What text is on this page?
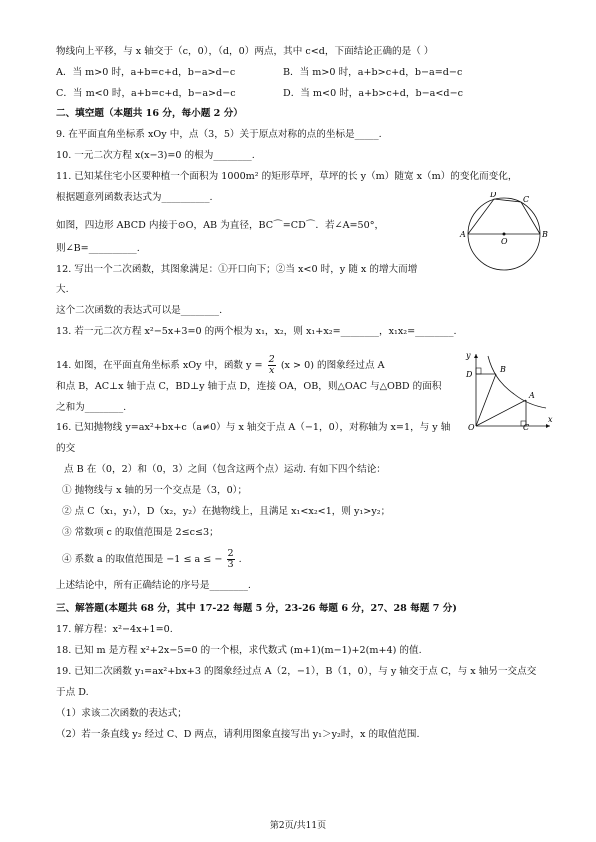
物线向上平移，与 x 轴交于（c，0），（d，0）两点，其中 c<d，下面结论正确的是（ ）
A．当 m>0 时，a+b=c+d，b−a>d−c	B．当 m>0 时，a+b>c+d，b−a=d−c
C．当 m<0 时，a+b=c+d，b−a>d−c	D．当 m<0 时，a+b>c+d，b−a<d−c
二、填空题（本题共 16 分，每小题 2 分）
9. 在平面直角坐标系 xOy 中，点（3，5）关于原点对称的点的坐标是_____.
10. 一元二次方程 x(x−3)=0 的根为________.
11. 已知某住宅小区要种植一个面积为 1000m² 的矩形草坪，草坪的长 y（m）随宽 x（m）的变化而变化，
根据题意列函数表达式为__________.
如图，四边形 ABCD 内接于⊙O，AB 为直径，BC⌒=CD⌒．若∠A=50°，
则∠B=__________.
A	B
D
C
O
12. 写出一个二次函数，其图象满足：①开口向下；②当 x<0 时，y 随 x 的增大而增
大.
这个二次函数的表达式可以是________.
13. 若一元二次方程 x²−5x+3=0 的两个根为 x₁，x₂，则 x₁+x₂=________，x₁x₂=________.
14. 如图，在平面直角坐标系 xOy 中，函数 $y = \frac{2}{x} (x > 0)$ 的图象经过点 A
和点 B，AC⊥x 轴于点 C，BD⊥y 轴于点 D，连接 OA，OB，则△OAC 与△OBD 的面积
之和为________.
y
x
O
B
D
A
C
16. 已知抛物线 y=ax²+bx+c（a≠0）与 x 轴交于点 A（−1，0），对称轴为 x=1，与 y 轴
的交
点 B 在（0，2）和（0，3）之间（包含这两个点）运动. 有如下四个结论：
① 抛物线与 x 轴的另一个交点是（3，0）；
② 点 C（x₁，y₁），D（x₂，y₂）在抛物线上，且满足 x₁<x₂<1，则 y₁>y₂；
③ 常数项 c 的取值范围是 2≤c≤3；
④ 系数 a 的取值范围是 −1 ≤ a ≤ − $\frac{2}{3}$ .
上述结论中，所有正确结论的序号是________.
三、解答题(本题共 68 分，其中 17-22 每题 5 分，23-26 每题 6 分，27、28 每题 7 分)
17. 解方程：x²−4x+1=0.
18. 已知 m 是方程 x²+2x−5=0 的一个根，求代数式 (m+1)(m−1)+2(m+4) 的值.
19. 已知二次函数 y₁=ax²+bx+3 的图象经过点 A（2，−1），B（1，0），与 y 轴交于点 C，与 x 轴另一交点交
于点 D.
（1）求该二次函数的表达式；
（2）若一条直线 y₂ 经过 C、D 两点，请利用图象直接写出 y₁＞y₂时，x 的取值范围.
第2页/共11页
